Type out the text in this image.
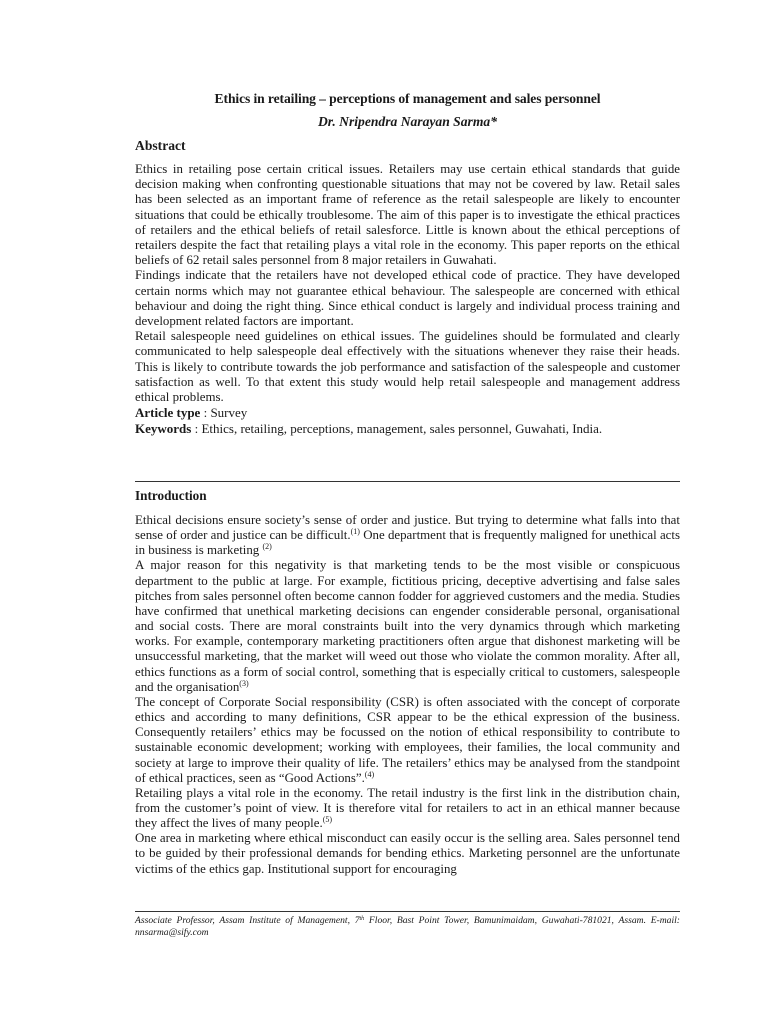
Ethics in retailing – perceptions of management and sales personnel
Dr. Nripendra Narayan Sarma*
Abstract

Ethics in retailing pose certain critical issues. Retailers may use certain ethical standards that guide decision making when confronting questionable situations that may not be covered by law. Retail sales has been selected as an important frame of reference as the retail salespeople are likely to encounter situations that could be ethically troublesome. The aim of this paper is to investigate the ethical practices of retailers and the ethical beliefs of retail salesforce. Little is known about the ethical perceptions of retailers despite the fact that retailing plays a vital role in the economy. This paper reports on the ethical beliefs of 62 retail sales personnel from 8 major retailers in Guwahati.

Findings indicate that the retailers have not developed ethical code of practice. They have developed certain norms which may not guarantee ethical behaviour. The salespeople are concerned with ethical behaviour and doing the right thing. Since ethical conduct is largely and individual process training and development related factors are important.

Retail salespeople need guidelines on ethical issues. The guidelines should be formulated and clearly communicated to help salespeople deal effectively with the situations whenever they raise their heads. This is likely to contribute towards the job performance and satisfaction of the salespeople and customer satisfaction as well. To that extent this study would help retail salespeople and management address ethical problems.

Article type : Survey

Keywords : Ethics, retailing, perceptions, management, sales personnel, Guwahati, India.

Introduction

Ethical decisions ensure society’s sense of order and justice. But trying to determine what falls into that sense of order and justice can be difficult.$^{(1)}$ One department that is frequently maligned for unethical acts in business is marketing $^{(2)}$

A major reason for this negativity is that marketing tends to be the most visible or conspicuous department to the public at large. For example, fictitious pricing, deceptive advertising and false sales pitches from sales personnel often become cannon fodder for aggrieved customers and the media. Studies have confirmed that unethical marketing decisions can engender considerable personal, organisational and social costs. There are moral constraints built into the very dynamics through which marketing works. For example, contemporary marketing practitioners often argue that dishonest marketing will be unsuccessful marketing, that the market will weed out those who violate the common morality. After all, ethics functions as a form of social control, something that is especially critical to customers, salespeople and the organisation$^{(3)}$

The concept of Corporate Social responsibility (CSR) is often associated with the concept of corporate ethics and according to many definitions, CSR appear to be the ethical expression of the business. Consequently retailers’ ethics may be focussed on the notion of ethical responsibility to contribute to sustainable economic development; working with employees, their families, the local community and society at large to improve their quality of life. The retailers’ ethics may be analysed from the standpoint of ethical practices, seen as “Good Actions”.$^{(4)}$

Retailing plays a vital role in the economy. The retail industry is the first link in the distribution chain, from the customer’s point of view. It is therefore vital for retailers to act in an ethical manner because they affect the lives of many people.$^{(5)}$

One area in marketing where ethical misconduct can easily occur is the selling area. Sales personnel tend to be guided by their professional demands for bending ethics. Marketing personnel are the unfortunate victims of the ethics gap. Institutional support for encouraging

Associate Professor, Assam Institute of Management, 7th Floor, Bast Point Tower, Bamunimaidam, Guwahati-781021, Assam. E-mail: nnsarma@sify.com
